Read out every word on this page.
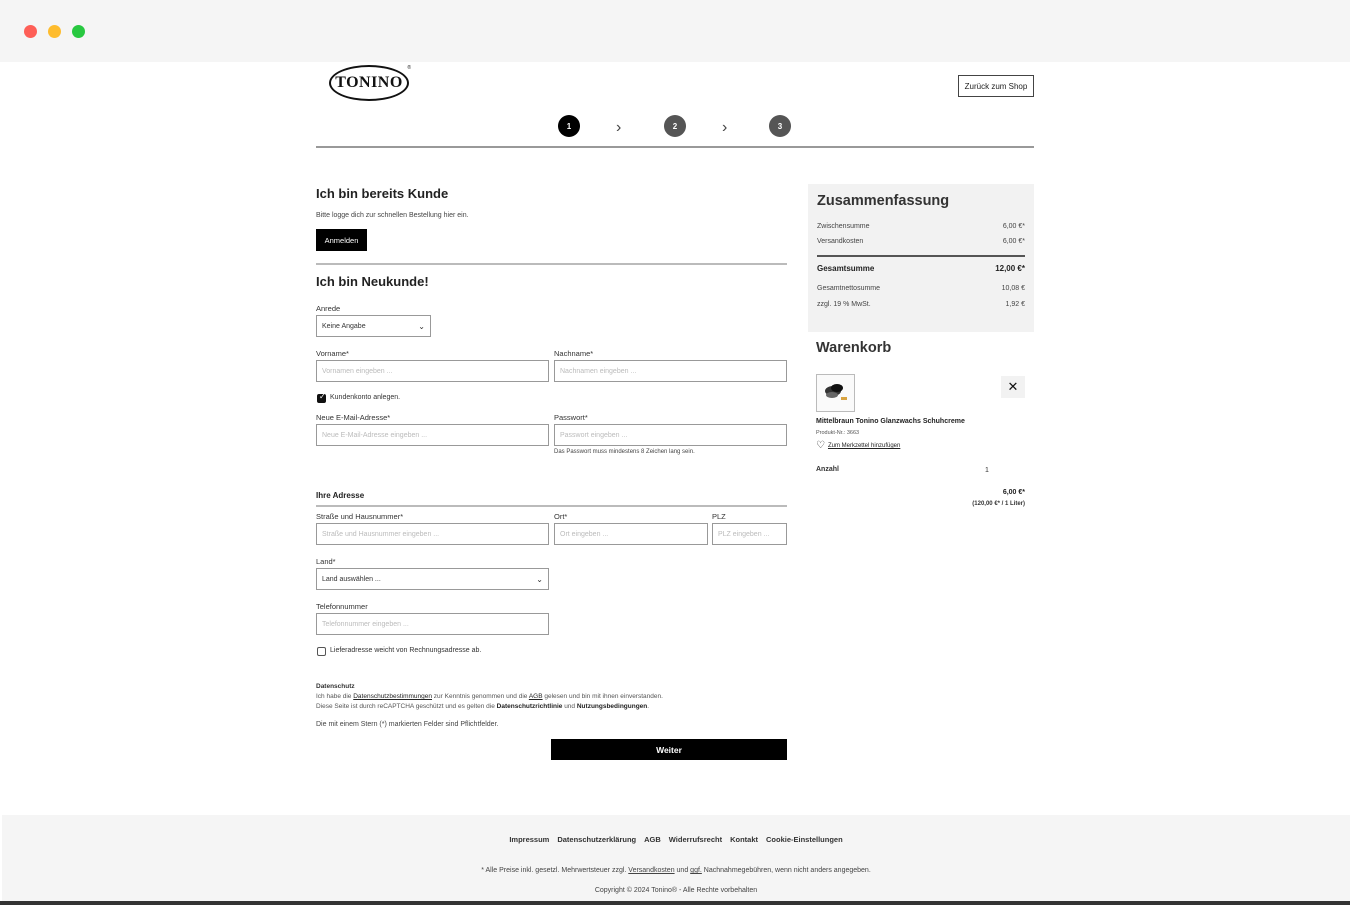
TONINO
®
Zurück zum Shop
1	›	2	›	3
Ich bin bereits Kunde
Bitte logge dich zur schnellen Bestellung hier ein.
Anmelden
Ich bin Neukunde!
Anrede
Keine Angabe	⌄
Vorname*
Vornamen eingeben ...
Nachname*
Nachnamen eingeben ...
✓
Kundenkonto anlegen.
Neue E-Mail-Adresse*
Neue E-Mail-Adresse eingeben ...
Passwort*
Passwort eingeben ...
Das Passwort muss mindestens 8 Zeichen lang sein.
Ihre Adresse
Straße und Hausnummer*
Straße und Hausnummer eingeben ...
Ort*
Ort eingeben ...
PLZ
PLZ eingeben ...
Land*
Land auswählen ...	⌄
Telefonnummer
Telefonnummer eingeben ...
Lieferadresse weicht von Rechnungsadresse ab.
Datenschutz
Ich habe die Datenschutzbestimmungen zur Kenntnis genommen und die AGB gelesen und bin mit ihnen einverstanden.
Diese Seite ist durch reCAPTCHA geschützt und es gelten die Datenschutzrichtlinie und Nutzungsbedingungen.
Die mit einem Stern (*) markierten Felder sind Pflichtfelder.
Weiter
Zusammenfassung
Zwischensumme	6,00 €*
Versandkosten	6,00 €*
Gesamtsumme	12,00 €*
Gesamtnettosumme	10,08 €
zzgl. 19 % MwSt.	1,92 €
Warenkorb
✕
Mittelbraun Tonino Glanzwachs Schuhcreme
Produkt-Nr.: 3663
♡ Zum Merkzettel hinzufügen
Anzahl	1
6,00 €*
(120,00 €* / 1 Liter)
Impressum Datenschutzerklärung AGB Widerrufsrecht Kontakt Cookie-Einstellungen
* Alle Preise inkl. gesetzl. Mehrwertsteuer zzgl. Versandkosten und ggf. Nachnahmegebühren, wenn nicht anders angegeben.
Copyright © 2024 Tonino® - Alle Rechte vorbehalten
